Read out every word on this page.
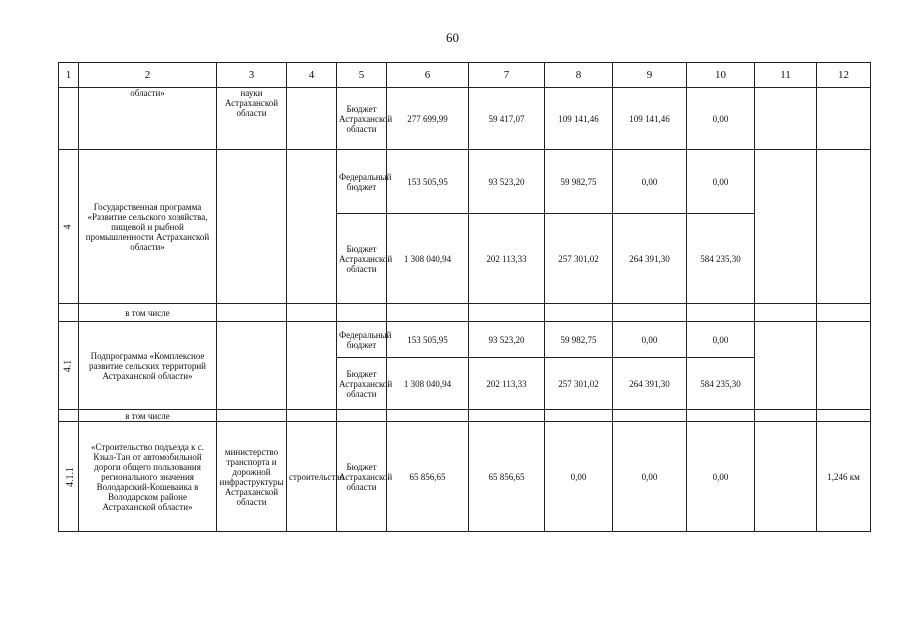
60
1	2	3	4	5	6	7	8	9	10	11	12
	области»	науки Астраханской области		Бюджет Астраханской области	277 699,99	59 417,07	109 141,46	109 141,46	0,00		
4	Государственная программа «Развитие сельского хозяйства, пищевой и рыбной промышленности Астраханской области»			Федеральный бюджет	153 505,95	93 523,20	59 982,75	0,00	0,00		
				Бюджет Астраханской области	1 308 040,94	202 113,33	257 301,02	264 391,30	584 235,30		
	в том числе										
4.1	Подпрограмма «Комплексное развитие сельских территорий Астраханской области»			Федеральный бюджет	153 505,95	93 523,20	59 982,75	0,00	0,00		
				Бюджет Астраханской области	1 308 040,94	202 113,33	257 301,02	264 391,30	584 235,30		
	в том числе										
4.1.1	«Строительство подъезда к с. Кзыл-Тан от автомобильной дороги общего пользования регионального значения Володарский-Кошеваика в Володарском районе Астраханской области»	министерство транспорта и дорожной инфраструктуры Астраханской области	строительство	Бюджет Астраханской области	65 856,65	65 856,65	0,00	0,00	0,00		1,246 км
